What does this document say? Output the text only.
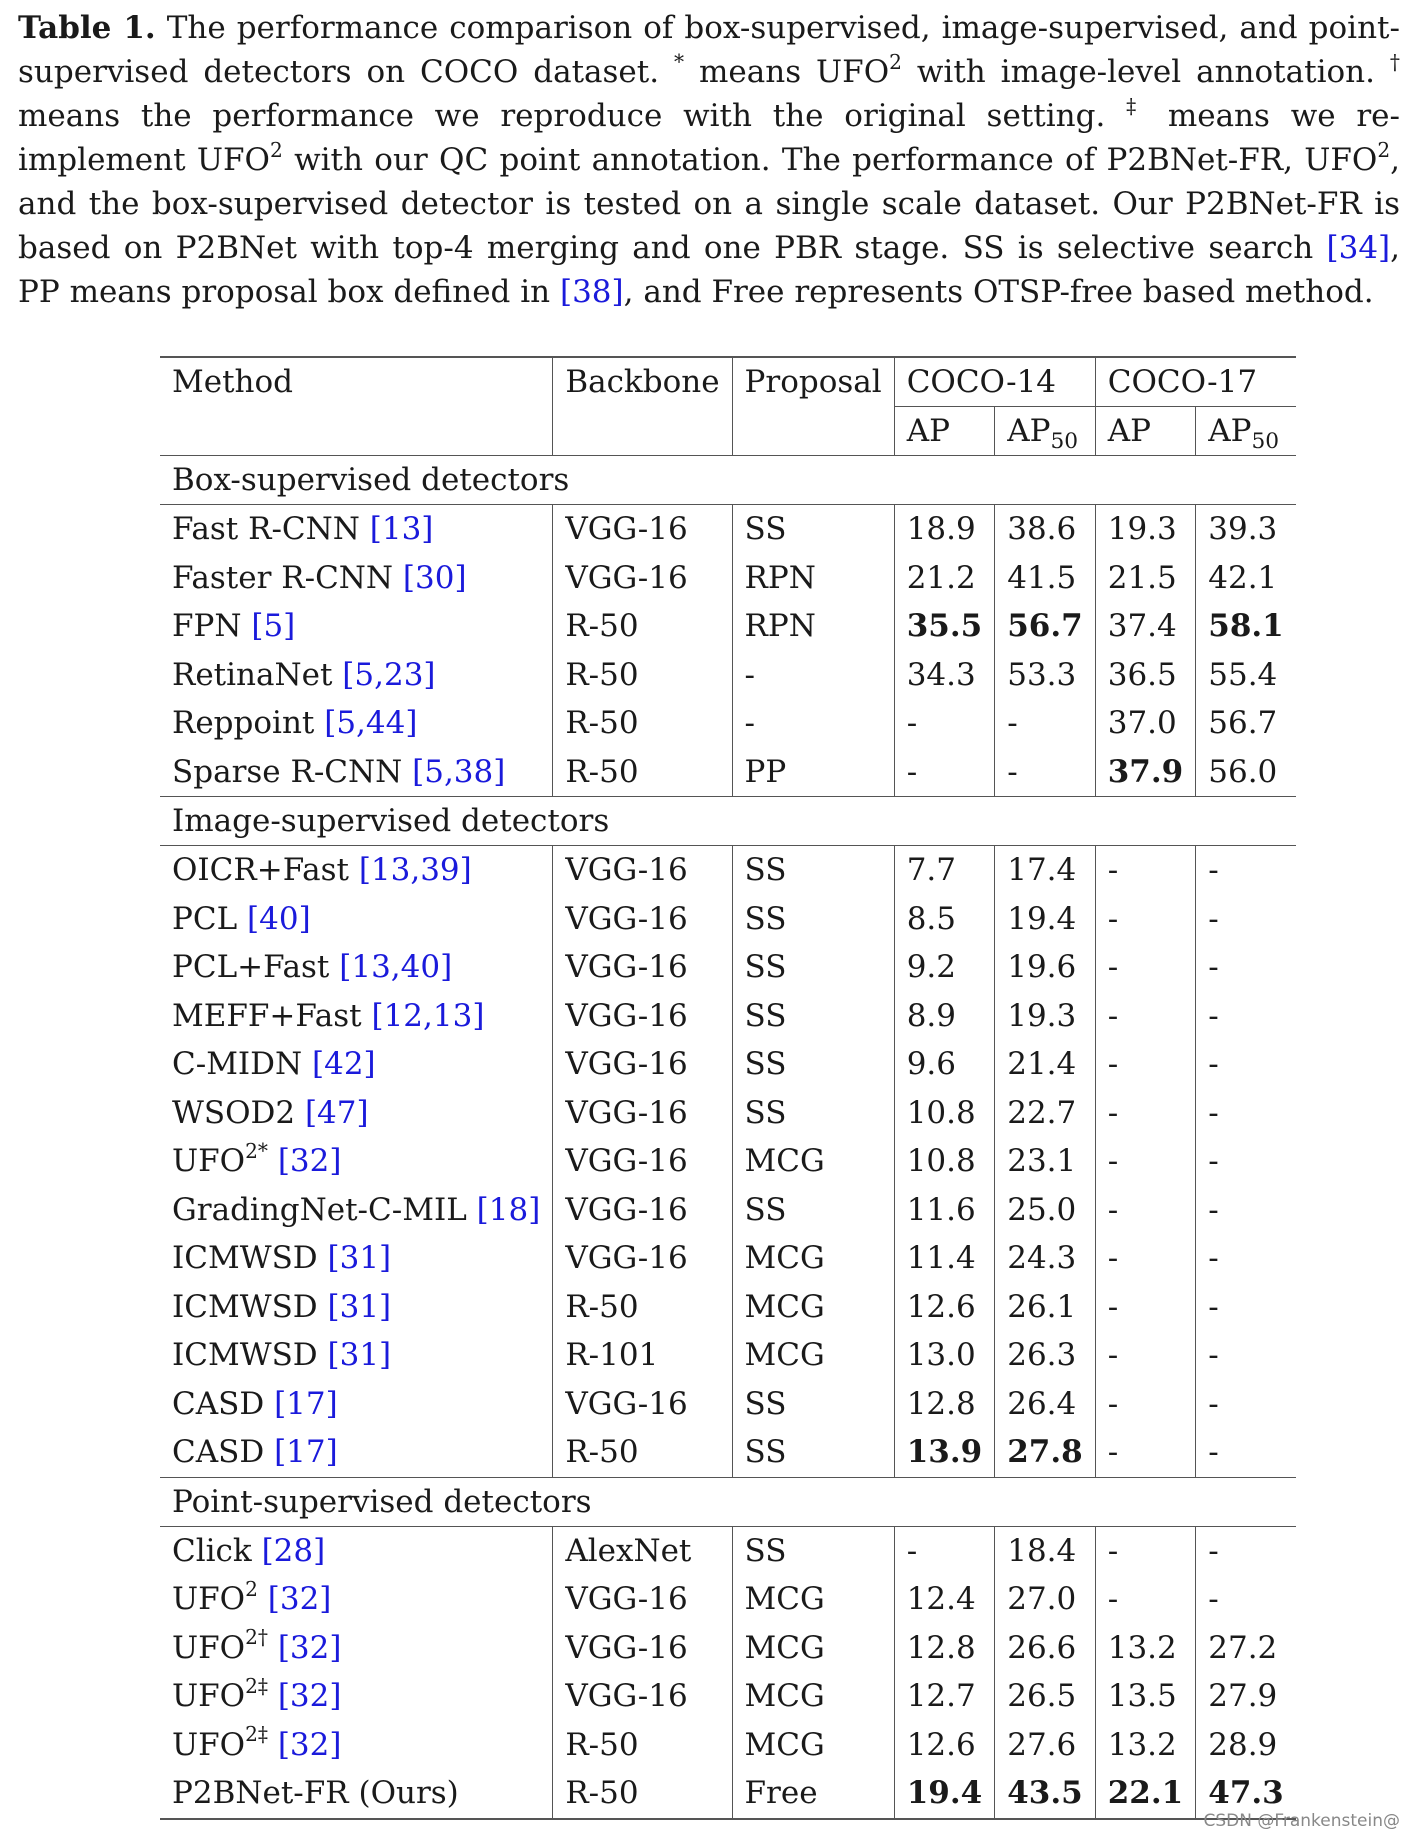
Table 1. The performance comparison of box-supervised, image-supervised, and point-supervised detectors on COCO dataset. * means UFO$^2$ with image-level annotation. † means the performance we reproduce with the original setting. ‡ means we re-implement UFO$^2$ with our QC point annotation. The performance of P2BNet-FR, UFO$^2$, and the box-supervised detector is tested on a single scale dataset. Our P2BNet-FR is based on P2BNet with top-4 merging and one PBR stage. SS is selective search [34], PP means proposal box defined in [38], and Free represents OTSP-free based method.
Method	Backbone	Proposal	COCO-14		COCO-17	
			AP	$AP_{50}$	AP	$AP_{50}$
Box-supervised detectors						
Fast R-CNN [13]	VGG-16	SS	18.9	38.6	19.3	39.3
Faster R-CNN [30]	VGG-16	RPN	21.2	41.5	21.5	42.1
FPN [5]	R-50	RPN	35.5	56.7	37.4	58.1
RetinaNet [5,23]	R-50	-	34.3	53.3	36.5	55.4
Reppoint [5,44]	R-50	-	-	-	37.0	56.7
Sparse R-CNN [5,38]	R-50	PP	-	-	37.9	56.0
Image-supervised detectors						
OICR+Fast [13,39]	VGG-16	SS	7.7	17.4	-	-
PCL [40]	VGG-16	SS	8.5	19.4	-	-
PCL+Fast [13,40]	VGG-16	SS	9.2	19.6	-	-
MEFF+Fast [12,13]	VGG-16	SS	8.9	19.3	-	-
C-MIDN [42]	VGG-16	SS	9.6	21.4	-	-
WSOD2 [47]	VGG-16	SS	10.8	22.7	-	-
$UFO^{2*}$ [32]	VGG-16	MCG	10.8	23.1	-	-
GradingNet-C-MIL [18]	VGG-16	SS	11.6	25.0	-	-
ICMWSD [31]	VGG-16	MCG	11.4	24.3	-	-
ICMWSD [31]	R-50	MCG	12.6	26.1	-	-
ICMWSD [31]	R-101	MCG	13.0	26.3	-	-
CASD [17]	VGG-16	SS	12.8	26.4	-	-
CASD [17]	R-50	SS	13.9	27.8	-	-
Point-supervised detectors						
Click [28]	AlexNet	SS	-	18.4	-	-
UFO$^2$ [32]	VGG-16	MCG	12.4	27.0	-	-
$UFO^{2\dagger}$ [32]	VGG-16	MCG	12.8	26.6	13.2	27.2
$UFO^{2\ddagger}$ [32]	VGG-16	MCG	12.7	26.5	13.5	27.9
$UFO^{2\ddagger}$ [32]	R-50	MCG	12.6	27.6	13.2	28.9
P2BNet-FR (Ours)	R-50	Free	19.4	43.5	22.1	47.3
CSDN @Frankenstein@
